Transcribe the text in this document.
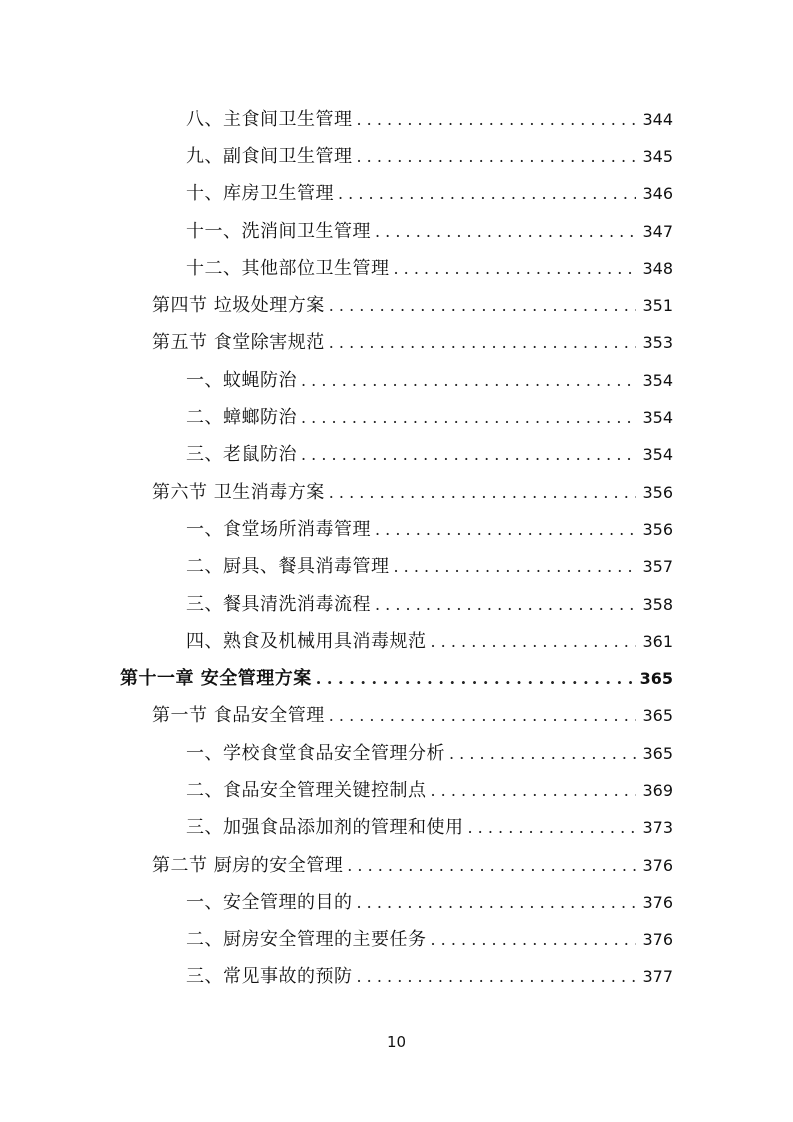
八、主食间卫生管理 . . .	344
九、副食间卫生管理 . . .	345
十、库房卫生管理 . . .	346
十一、洗消间卫生管理 . . .	347
十二、其他部位卫生管理 . . .	348
第四节 垃圾处理方案 . . .	351
第五节 食堂除害规范 . . .	353
一、蚊蝇防治 . . .	354
二、蟑螂防治 . . .	354
三、老鼠防治 . . .	354
第六节 卫生消毒方案 . . .	356
一、食堂场所消毒管理 . . .	356
二、厨具、餐具消毒管理 . . .	357
三、餐具清洗消毒流程 . . .	358
四、熟食及机械用具消毒规范 . . .	361
第十一章 安全管理方案 . . .	365
第一节 食品安全管理 . . .	365
一、学校食堂食品安全管理分析 . . .	365
二、食品安全管理关键控制点 . . .	369
三、加强食品添加剂的管理和使用 . . .	373
第二节 厨房的安全管理 . . .	376
一、安全管理的目的 . . .	376
二、厨房安全管理的主要任务 . . .	376
三、常见事故的预防 . . .	377
10
